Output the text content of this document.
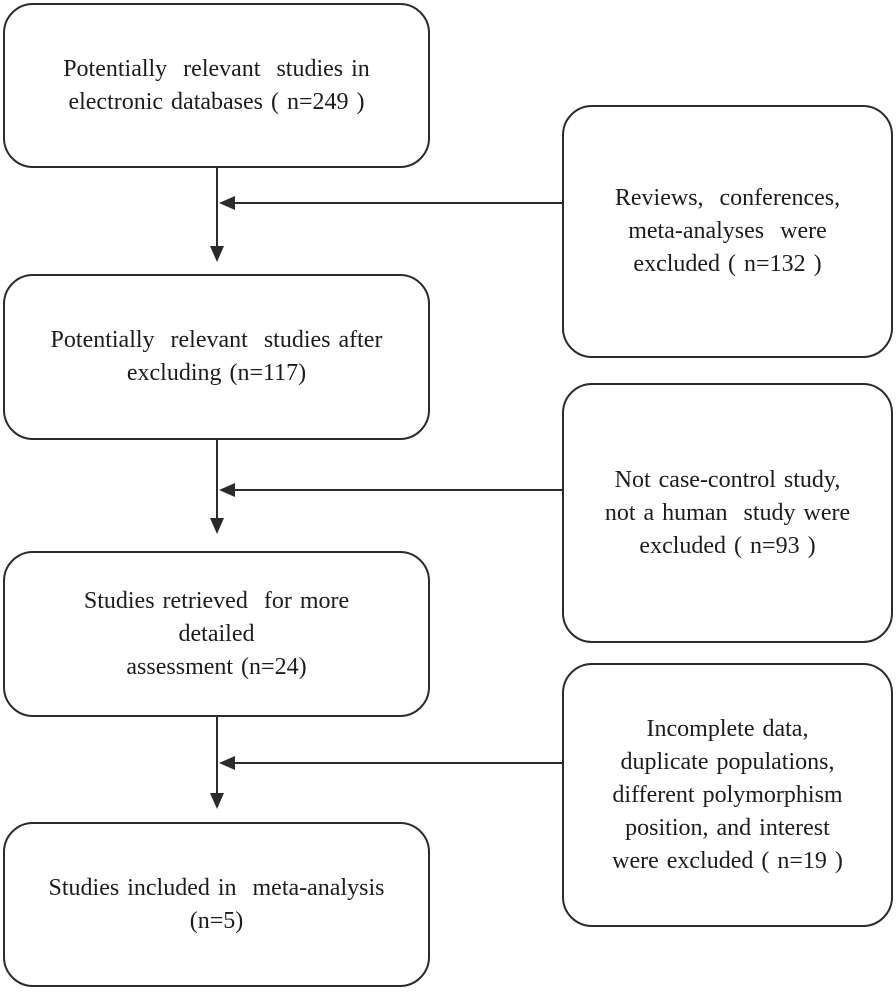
Potentially  relevant  studies in
electronic databases ( n=249 )
Potentially  relevant  studies after
excluding (n=117)
Studies retrieved  for more
detailed
assessment (n=24)
Studies included in  meta-analysis
(n=5)
Reviews,  conferences,
meta-analyses  were
excluded ( n=132 )
Not case-control study,
not a human  study were
excluded ( n=93 )
Incomplete data,
duplicate populations,
different polymorphism
position, and interest
were excluded ( n=19 )
